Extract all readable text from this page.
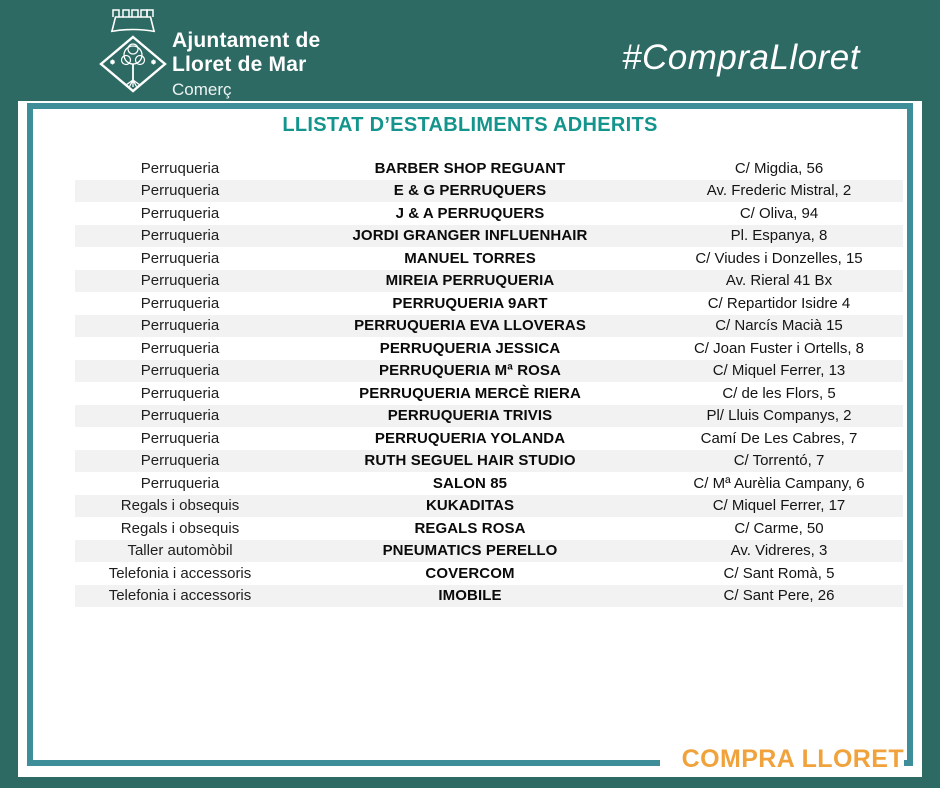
Ajuntament de
Lloret de Mar
Comerç
#CompraLloret
LLISTAT D’ESTABLIMENTS ADHERITS
Perruqueria	BARBER SHOP REGUANT	C/ Migdia, 56
Perruqueria	E & G PERRUQUERS	Av. Frederic Mistral, 2
Perruqueria	J & A PERRUQUERS	C/ Oliva, 94
Perruqueria	JORDI GRANGER INFLUENHAIR	Pl. Espanya, 8
Perruqueria	MANUEL TORRES	C/ Viudes i Donzelles, 15
Perruqueria	MIREIA PERRUQUERIA	Av. Rieral 41 Bx
Perruqueria	PERRUQUERIA 9ART	C/ Repartidor Isidre 4
Perruqueria	PERRUQUERIA EVA LLOVERAS	C/ Narcís Macià 15
Perruqueria	PERRUQUERIA JESSICA	C/ Joan Fuster i Ortells, 8
Perruqueria	PERRUQUERIA Mª ROSA	C/ Miquel Ferrer, 13
Perruqueria	PERRUQUERIA MERCÈ RIERA	C/ de les Flors, 5
Perruqueria	PERRUQUERIA TRIVIS	Pl/ Lluis Companys, 2
Perruqueria	PERRUQUERIA YOLANDA	Camí De Les Cabres, 7
Perruqueria	RUTH SEGUEL HAIR STUDIO	C/ Torrentó, 7
Perruqueria	SALON 85	C/ Mª Aurèlia Campany, 6
Regals i obsequis	KUKADITAS	C/ Miquel Ferrer, 17
Regals i obsequis	REGALS ROSA	C/ Carme, 50
Taller automòbil	PNEUMATICS PERELLO	Av. Vidreres, 3
Telefonia i accessoris	COVERCOM	C/ Sant Romà, 5
Telefonia i accessoris	IMOBILE	C/ Sant Pere, 26
COMPRA LLORET
